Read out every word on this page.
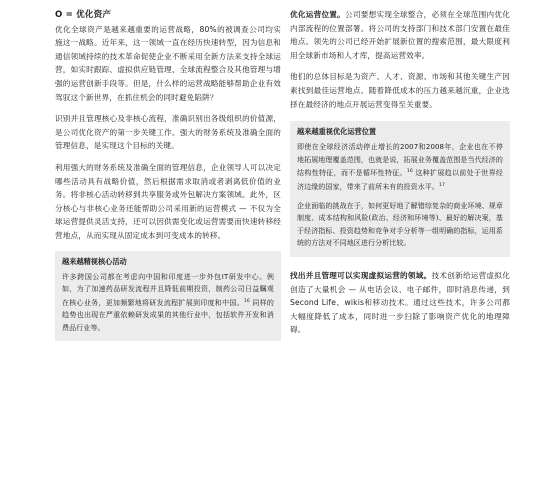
O = 优化资产
优化全球资产是越来越重要的运营战略，80%的被调查公司均实施这一战略。近年来，这一领域一直在经历快速转型，因为信息和通信领域持续的技术革命促使企业不断采用全新方法来支持全球运营，如实时跟踪、虚拟供应链管理、全球流程整合及其他管理与增强的运营创新手段等。但是，什么样的运营战略能够帮助企业有效驾驭这个新世界，在抓住机会的同时避免陷阱？

识别并且管理核心及非核心流程，准确识别出各级组织的价值源，是公司优化资产的第一步关键工作。强大的财务系统及准确全面的管理信息，是实现这个目标的关键。

利用强大的财务系统及准确全面的管理信息，企业领导人可以决定哪些活动具有战略价值，然后根据需求取消或者剥离低价值的业务。将非核心活动转移到共享服务或外包解决方案领域。此外，区分核心与非核心业务还能帮助公司采用新的运营模式 — 不仅为全球运营提供灵活支持，还可以因供需变化或运营需要而快速转移经营地点，从而实现从固定成本到可变成本的转移。

越来越精视核心活动

许多跨国公司都在考虑向中国和印度进一步外包IT研发中心。例如，为了加速药品研发流程并且降低前期投资，制药公司日益瞩观在核心业务，更加频繁地将研发流程扩展到印度和中国。$^{16}$ 同样的趋势也出现在严重依赖研发成果的其他行业中，包括软件开发和消费品行业等。

优化运营位置。公司要想实现全球整合，必须在全球范围内优化内部流程的位置部署。将公司的支持部门和技术部门安置在最佳地点。领先的公司已经开始扩展新位置的搜索范围，最大限度利用全球新市场和人才库，提高运营效率。

他们的总体目标是为资产、人才、资源、市场和其他关键生产因素找到最佳运营地点。随着降低成本的压力越来越沉重，企业选择在最经济的地点开展运营变得至关重要。

越来越重视优化运营位置

即使在全球经济活动停止增长的2007和2008年，企业也在不停地拓展地理覆盖范围，也就是说，拓展业务覆盖范围是当代经济的结构性特征，而不是循环性特征。$^{16}$ 这种扩展趋以前处于世界经济边缘的国家，带来了前所未有的投资水平。$^{17}$

企业面临的挑战在于，如何更好地了解错综复杂的商业环境、规章制度、成本结构和风险(政治、经济和环境等)、最好的解决案，基于经济指标、投资趋势和竞争对手分析等一组明确的指标，运用系统的方法对不同地区进行分析比较。

找出并且管理可以实现虚拟运营的领域。技术创新给运营虚拟化创造了大量机会 — 从电话会议、电子邮件，即时消息传递，到Second Life、wikis和移动技术。通过这些技术，许多公司都大幅度降低了成本，同时进一步扫除了影响资产优化的地理障碍。
